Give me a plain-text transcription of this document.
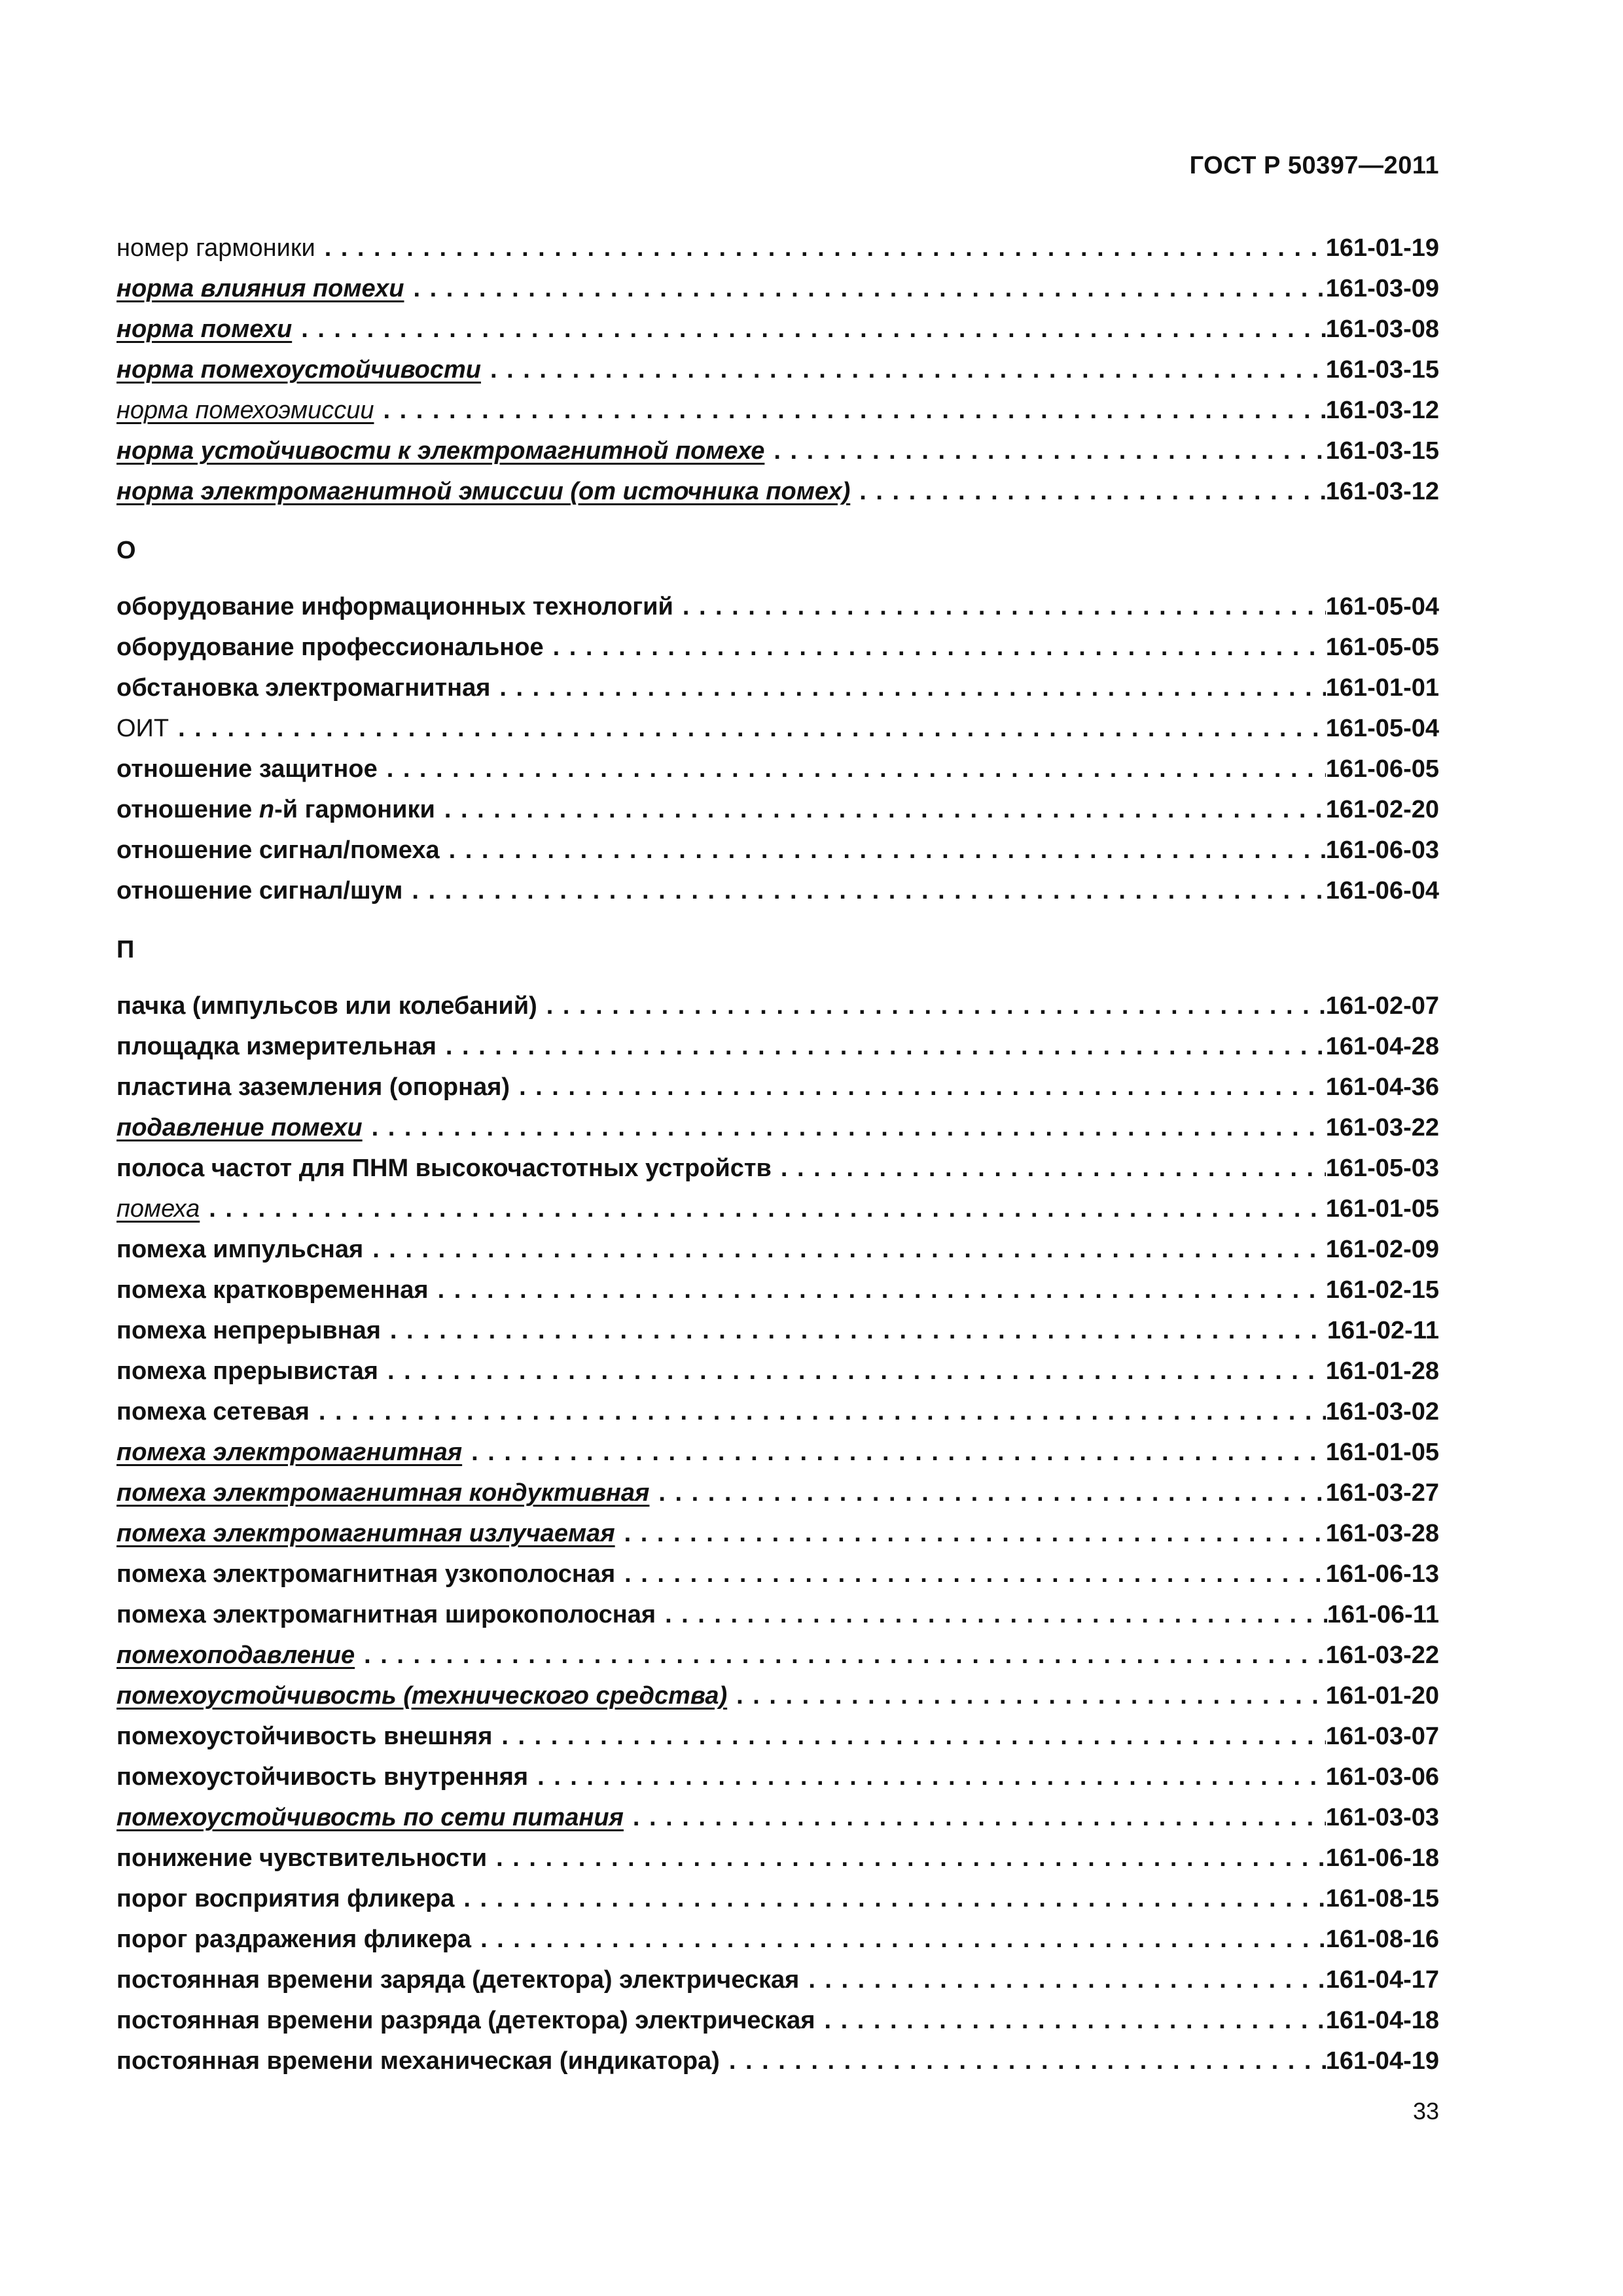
ГОСТ Р 50397—2011
номер гармоники . . .	161-01-19
норма влияния помехи . . .	161-03-09
норма помехи . . .	161-03-08
норма помехоустойчивости . . .	161-03-15
норма помехоэмиссии . . .	161-03-12
норма устойчивости к электромагнитной помехе . . .	161-03-15
норма электромагнитной эмиссии (от источника помех) . . .	161-03-12
О
оборудование информационных технологий . . .	161-05-04
оборудование профессиональное . . .	161-05-05
обстановка электромагнитная . . .	161-01-01
ОИТ . . .	161-05-04
отношение защитное . . .	161-06-05
отношение n-й гармоники . . .	161-02-20
отношение сигнал/помеха . . .	161-06-03
отношение сигнал/шум . . .	161-06-04
П
пачка (импульсов или колебаний) . . .	161-02-07
площадка измерительная . . .	161-04-28
пластина заземления (опорная) . . .	161-04-36
подавление помехи . . .	161-03-22
полоса частот для ПНМ высокочастотных устройств . . .	161-05-03
помеха . . .	161-01-05
помеха импульсная . . .	161-02-09
помеха кратковременная . . .	161-02-15
помеха непрерывная . . .	161-02-11
помеха прерывистая . . .	161-01-28
помеха сетевая . . .	161-03-02
помеха электромагнитная . . .	161-01-05
помеха электромагнитная кондуктивная . . .	161-03-27
помеха электромагнитная излучаемая . . .	161-03-28
помеха электромагнитная узкополосная . . .	161-06-13
помеха электромагнитная широкополосная . . .	161-06-11
помехоподавление . . .	161-03-22
помехоустойчивость (технического средства) . . .	161-01-20
помехоустойчивость внешняя . . .	161-03-07
помехоустойчивость внутренняя . . .	161-03-06
помехоустойчивость по сети питания . . .	161-03-03
понижение чувствительности . . .	161-06-18
порог восприятия фликера . . .	161-08-15
порог раздражения фликера . . .	161-08-16
постоянная времени заряда (детектора) электрическая . . .	161-04-17
постоянная времени разряда (детектора) электрическая . . .	161-04-18
постоянная времени механическая (индикатора) . . .	161-04-19
33
